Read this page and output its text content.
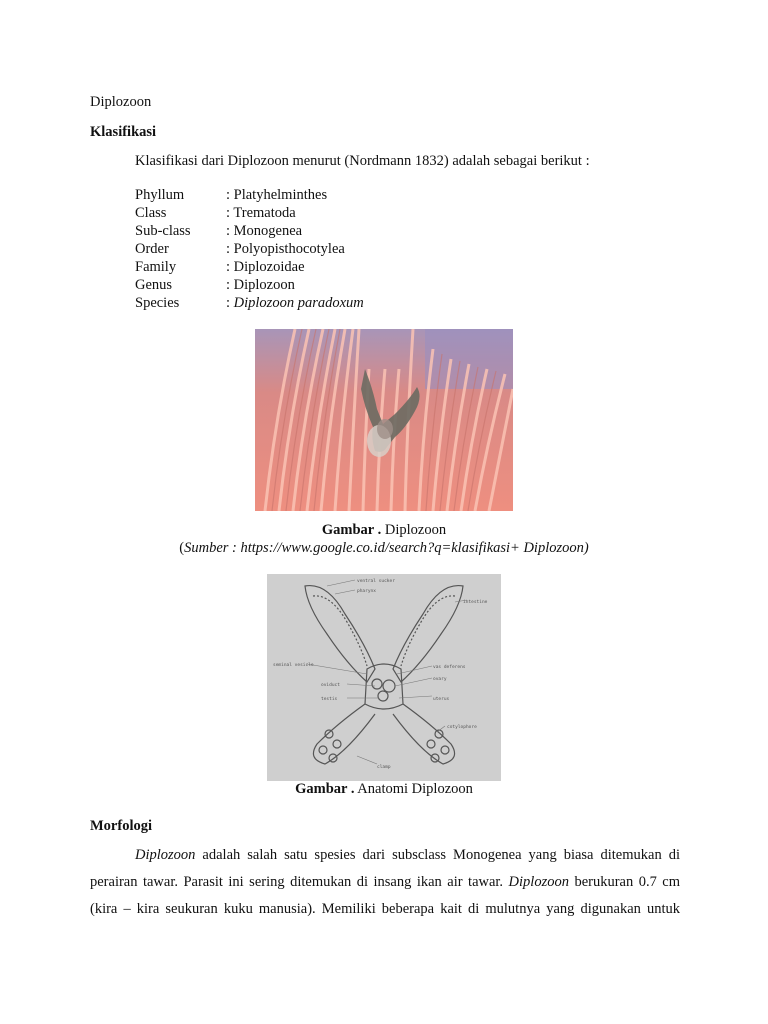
Diplozoon
Klasifikasi
Klasifikasi dari Diplozoon menurut (Nordmann 1832) adalah sebagai berikut :
Phyllum	: Platyhelminthes
Class	: Trematoda
Sub-class : Monogenea
Order	: Polyopisthocotylea
Family	: Diplozoidae
Genus	: Diplozoon
Species	: Diplozoon paradoxum
Gambar . Diplozoon
(Sumber : https://www.google.co.id/search?q=klasifikasi+ Diplozoon)
ventral sucker
pharynx
intestine
seminal vesicle	vas deferens
ovary
oviduct
testis	uterus
cotylophore
clamp
Gambar . Anatomi Diplozoon
Morfologi
Diplozoon adalah salah satu spesies dari subsclass Monogenea yang biasa ditemukan di
perairan tawar. Parasit ini sering ditemukan di insang ikan air tawar. Diplozoon berukuran 0.7 cm
(kira – kira seukuran kuku manusia). Memiliki beberapa kait di mulutnya yang digunakan untuk
